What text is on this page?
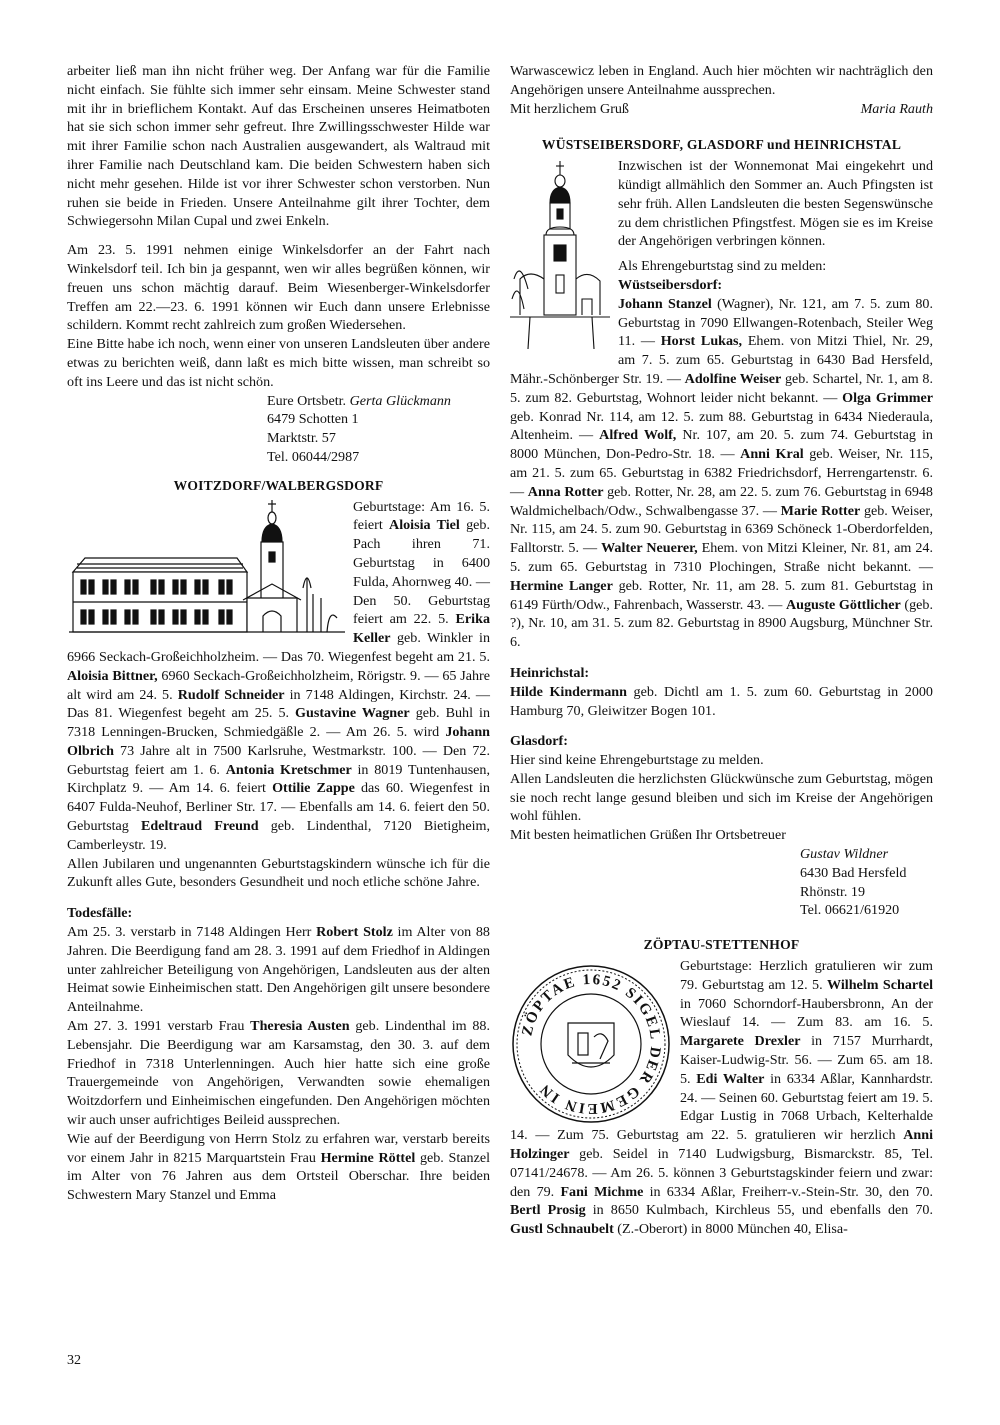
arbeiter ließ man ihn nicht früher weg. Der Anfang war für die Familie nicht einfach. Sie fühlte sich immer sehr einsam. Meine Schwester stand mit ihr in brieflichem Kontakt. Auf das Erscheinen unseres Heimatboten hat sie sich schon immer sehr gefreut. Ihre Zwillingsschwester Hilde war mit ihrer Familie schon nach Australien ausgewandert, als Waltraud mit ihrer Familie nach Deutschland kam. Die beiden Schwestern haben sich nicht mehr gesehen. Hilde ist vor ihrer Schwester schon verstorben. Nun ruhen sie beide in Frieden. Unsere Anteilnahme gilt ihrer Tochter, dem Schwiegersohn Milan Cupal und zwei Enkeln.

Am 23. 5. 1991 nehmen einige Winkelsdorfer an der Fahrt nach Winkelsdorf teil. Ich bin ja gespannt, wen wir alles begrüßen können, wir freuen uns schon mächtig darauf. Beim Wiesenberger-Winkelsdorfer Treffen am 22.—23. 6. 1991 können wir Euch dann unsere Erlebnisse schildern. Kommt recht zahlreich zum großen Wiedersehen.

Eine Bitte habe ich noch, wenn einer von unseren Landsleuten über andere etwas zu berichten weiß, dann laßt es mich bitte wissen, man schreibt so oft ins Leere und das ist nicht schön.

Eure Ortsbetr. Gerta Glückmann
6479 Schotten 1
Marktstr. 57
Tel. 06044/2987
WOITZDORF/WALBERGSDORF

Geburtstage: Am 16. 5. feiert Aloisia Tiel geb. Pach ihren 71. Geburtstag in 6400 Fulda, Ahornweg 40. — Den 50. Geburtstag feiert am 22. 5. Erika Keller geb. Winkler in 6966 Seckach-Großeichholzheim. — Das 70. Wiegenfest begeht am 21. 5. Aloisia Bittner, 6960 Seckach-Großeichholzheim, Rörigstr. 9. — 65 Jahre alt wird am 24. 5. Rudolf Schneider in 7148 Aldingen, Kirchstr. 24. — Das 81. Wiegenfest begeht am 25. 5. Gustavine Wagner geb. Buhl in 7318 Lenningen-Brucken, Schmiedgäßle 2. — Am 26. 5. wird Johann Olbrich 73 Jahre alt in 7500 Karlsruhe, Westmarkstr. 100. — Den 72. Geburtstag feiert am 1. 6. Antonia Kretschmer in 8019 Tuntenhausen, Kirchplatz 9. — Am 14. 6. feiert Ottilie Zappe das 60. Wiegenfest in 6407 Fulda-Neuhof, Berliner Str. 17. — Ebenfalls am 14. 6. feiert den 50. Geburtstag Edeltraud Freund geb. Lindenthal, 7120 Bietigheim, Camberleystr. 19.

Allen Jubilaren und ungenannten Geburtstagskindern wünsche ich für die Zukunft alles Gute, besonders Gesundheit und noch etliche schöne Jahre.

Todesfälle:

Am 25. 3. verstarb in 7148 Aldingen Herr Robert Stolz im Alter von 88 Jahren. Die Beerdigung fand am 28. 3. 1991 auf dem Friedhof in Aldingen unter zahlreicher Beteiligung von Angehörigen, Landsleuten aus der alten Heimat sowie Einheimischen statt. Den Angehörigen gilt unsere besondere Anteilnahme.

Am 27. 3. 1991 verstarb Frau Theresia Austen geb. Lindenthal im 88. Lebensjahr. Die Beerdigung war am Karsamstag, den 30. 3. auf dem Friedhof in 7318 Unterlenningen. Auch hier hatte sich eine große Trauergemeinde von Angehörigen, Verwandten sowie ehemaligen Woitzdorfern und Einheimischen eingefunden. Den Angehörigen möchten wir auch unser aufrichtiges Beileid aussprechen.

Wie auf der Beerdigung von Herrn Stolz zu erfahren war, verstarb bereits vor einem Jahr in 8215 Marquartstein Frau Hermine Röttel geb. Stanzel im Alter von 76 Jahren aus dem Ortsteil Oberschar. Ihre beiden Schwestern Mary Stanzel und Emma

Warwascewicz leben in England. Auch hier möchten wir nachträglich den Angehörigen unsere Anteilnahme aussprechen.

Mit herzlichem Gruß	Maria Rauth
WÜSTSEIBERSDORF, GLASDORF und HEINRICHSTAL

Inzwischen ist der Wonnemonat Mai eingekehrt und kündigt allmählich den Sommer an. Auch Pfingsten ist sehr früh. Allen Landsleuten die besten Segenswünsche zu dem christlichen Pfingstfest. Mögen sie es im Kreise der Angehörigen verbringen können.

Als Ehrengeburtstag sind zu melden:

Wüstseibersdorf:

Johann Stanzel (Wagner), Nr. 121, am 7. 5. zum 80. Geburtstag in 7090 Ellwangen-Rotenbach, Steiler Weg 11. — Horst Lukas, Ehem. von Mitzi Thiel, Nr. 29, am 7. 5. zum 65. Geburtstag in 6430 Bad Hersfeld, Mähr.-Schönberger Str. 19. — Adolfine Weiser geb. Schartel, Nr. 1, am 8. 5. zum 82. Geburtstag, Wohnort leider nicht bekannt. — Olga Grimmer geb. Konrad Nr. 114, am 12. 5. zum 88. Geburtstag in 6434 Niederaula, Altenheim. — Alfred Wolf, Nr. 107, am 20. 5. zum 74. Geburtstag in 8000 München, Don-Pedro-Str. 18. — Anni Kral geb. Weiser, Nr. 115, am 21. 5. zum 65. Geburtstag in 6382 Friedrichsdorf, Herrengartenstr. 6. — Anna Rotter geb. Rotter, Nr. 28, am 22. 5. zum 76. Geburtstag in 6948 Waldmichelbach/Odw., Schwalbengasse 37. — Marie Rotter geb. Weiser, Nr. 115, am 24. 5. zum 90. Geburtstag in 6369 Schöneck 1-Oberdorfelden, Falltorstr. 5. — Walter Neuerer, Ehem. von Mitzi Kleiner, Nr. 81, am 24. 5. zum 65. Geburtstag in 7310 Plochingen, Straße nicht bekannt. — Hermine Langer geb. Rotter, Nr. 11, am 28. 5. zum 81. Geburtstag in 6149 Fürth/Odw., Fahrenbach, Wasserstr. 43. — Auguste Göttlicher (geb. ?), Nr. 10, am 31. 5. zum 82. Geburtstag in 8900 Augsburg, Münchner Str. 6.

Heinrichstal:

Hilde Kindermann geb. Dichtl am 1. 5. zum 60. Geburtstag in 2000 Hamburg 70, Gleiwitzer Bogen 101.

Glasdorf:

Hier sind keine Ehrengeburtstage zu melden.

Allen Landsleuten die herzlichsten Glückwünsche zum Geburtstag, mögen sie noch recht lange gesund bleiben und sich im Kreise der Angehörigen wohl fühlen.

Mit besten heimatlichen Grüßen Ihr Ortsbetreuer

Gustav Wildner
6430 Bad Hersfeld
Rhönstr. 19
Tel. 06621/61920
ZÖPTAU-STETTENHOF
ZÖPTAE 1652 SIGEL DER GEMEIN IN

Geburtstage: Herzlich gratulieren wir zum 79. Geburtstag am 12. 5. Wilhelm Schartel in 7060 Schorndorf-Haubersbronn, An der Wieslauf 14. — Zum 83. am 16. 5. Margarete Drexler in 7157 Murrhardt, Kaiser-Ludwig-Str. 56. — Zum 65. am 18. 5. Edi Walter in 6334 Aßlar, Kannhardstr. 24. — Seinen 60. Geburtstag feiert am 19. 5. Edgar Lustig in 7068 Urbach, Kelterhalde 14. — Zum 75. Geburtstag am 22. 5. gratulieren wir herzlich Anni Holzinger geb. Seidel in 7140 Ludwigsburg, Bismarckstr. 85, Tel. 07141/24678. — Am 26. 5. können 3 Geburtstagskinder feiern und zwar: den 79. Fani Michme in 6334 Aßlar, Freiherr-v.-Stein-Str. 30, den 70. Bertl Prosig in 8650 Kulmbach, Kirchleus 55, und ebenfalls den 70. Gustl Schnaubelt (Z.-Oberort) in 8000 München 40, Elisa-

32
